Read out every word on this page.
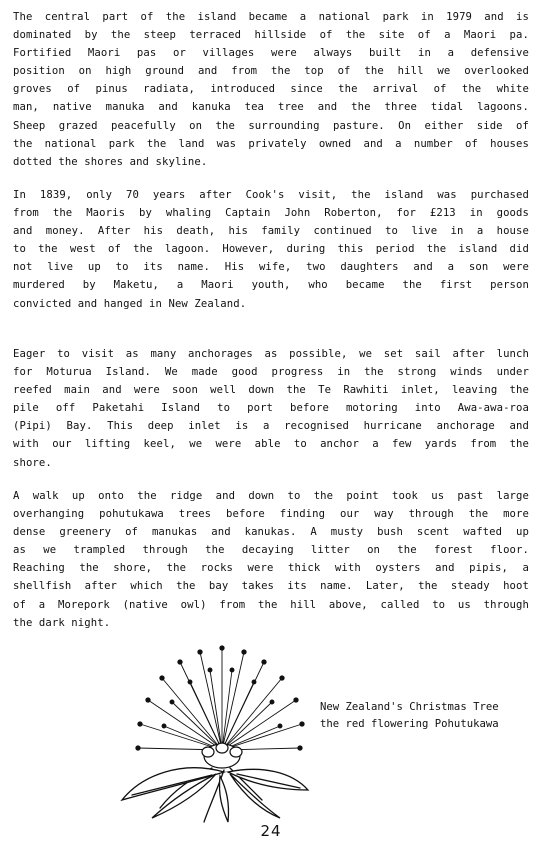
The central part of the island became a national park in 1979 and is
dominated by the steep terraced hillside of the site of a Maori pa.
Fortified Maori pas or villages were always built in a defensive
position on high ground and from the top of the hill we overlooked
groves of pinus radiata, introduced since the arrival of the white
man, native manuka and kanuka tea tree and the three tidal lagoons.
Sheep grazed peacefully on the surrounding pasture. On either side of
the national park the land was privately owned and a number of houses
dotted the shores and skyline.

In 1839, only 70 years after Cook's visit, the island was purchased
from the Maoris by whaling Captain John Roberton, for £213 in goods
and money. After his death, his family continued to live in a house
to the west of the lagoon. However, during this period the island did
not live up to its name. His wife, two daughters and a son were
murdered by Maketu, a Maori youth, who became the first person
convicted and hanged in New Zealand.

Eager to visit as many anchorages as possible, we set sail after lunch
for Moturua Island. We made good progress in the strong winds under
reefed main and were soon well down the Te Rawhiti inlet, leaving the
pile off Paketahi Island to port before motoring into Awa-awa-roa
(Pipi) Bay. This deep inlet is a recognised hurricane anchorage and
with our lifting keel, we were able to anchor a few yards from the
shore.

A walk up onto the ridge and down to the point took us past large
overhanging pohutukawa trees before finding our way through the more
dense greenery of manukas and kanukas. A musty bush scent wafted up
as we trampled through the decaying litter on the forest floor.
Reaching the shore, the rocks were thick with oysters and pipis, a
shellfish after which the bay takes its name. Later, the steady hoot
of a Morepork (native owl) from the hill above, called to us through
the dark night.

New Zealand's Christmas Tree
the red flowering Pohutukawa
24
